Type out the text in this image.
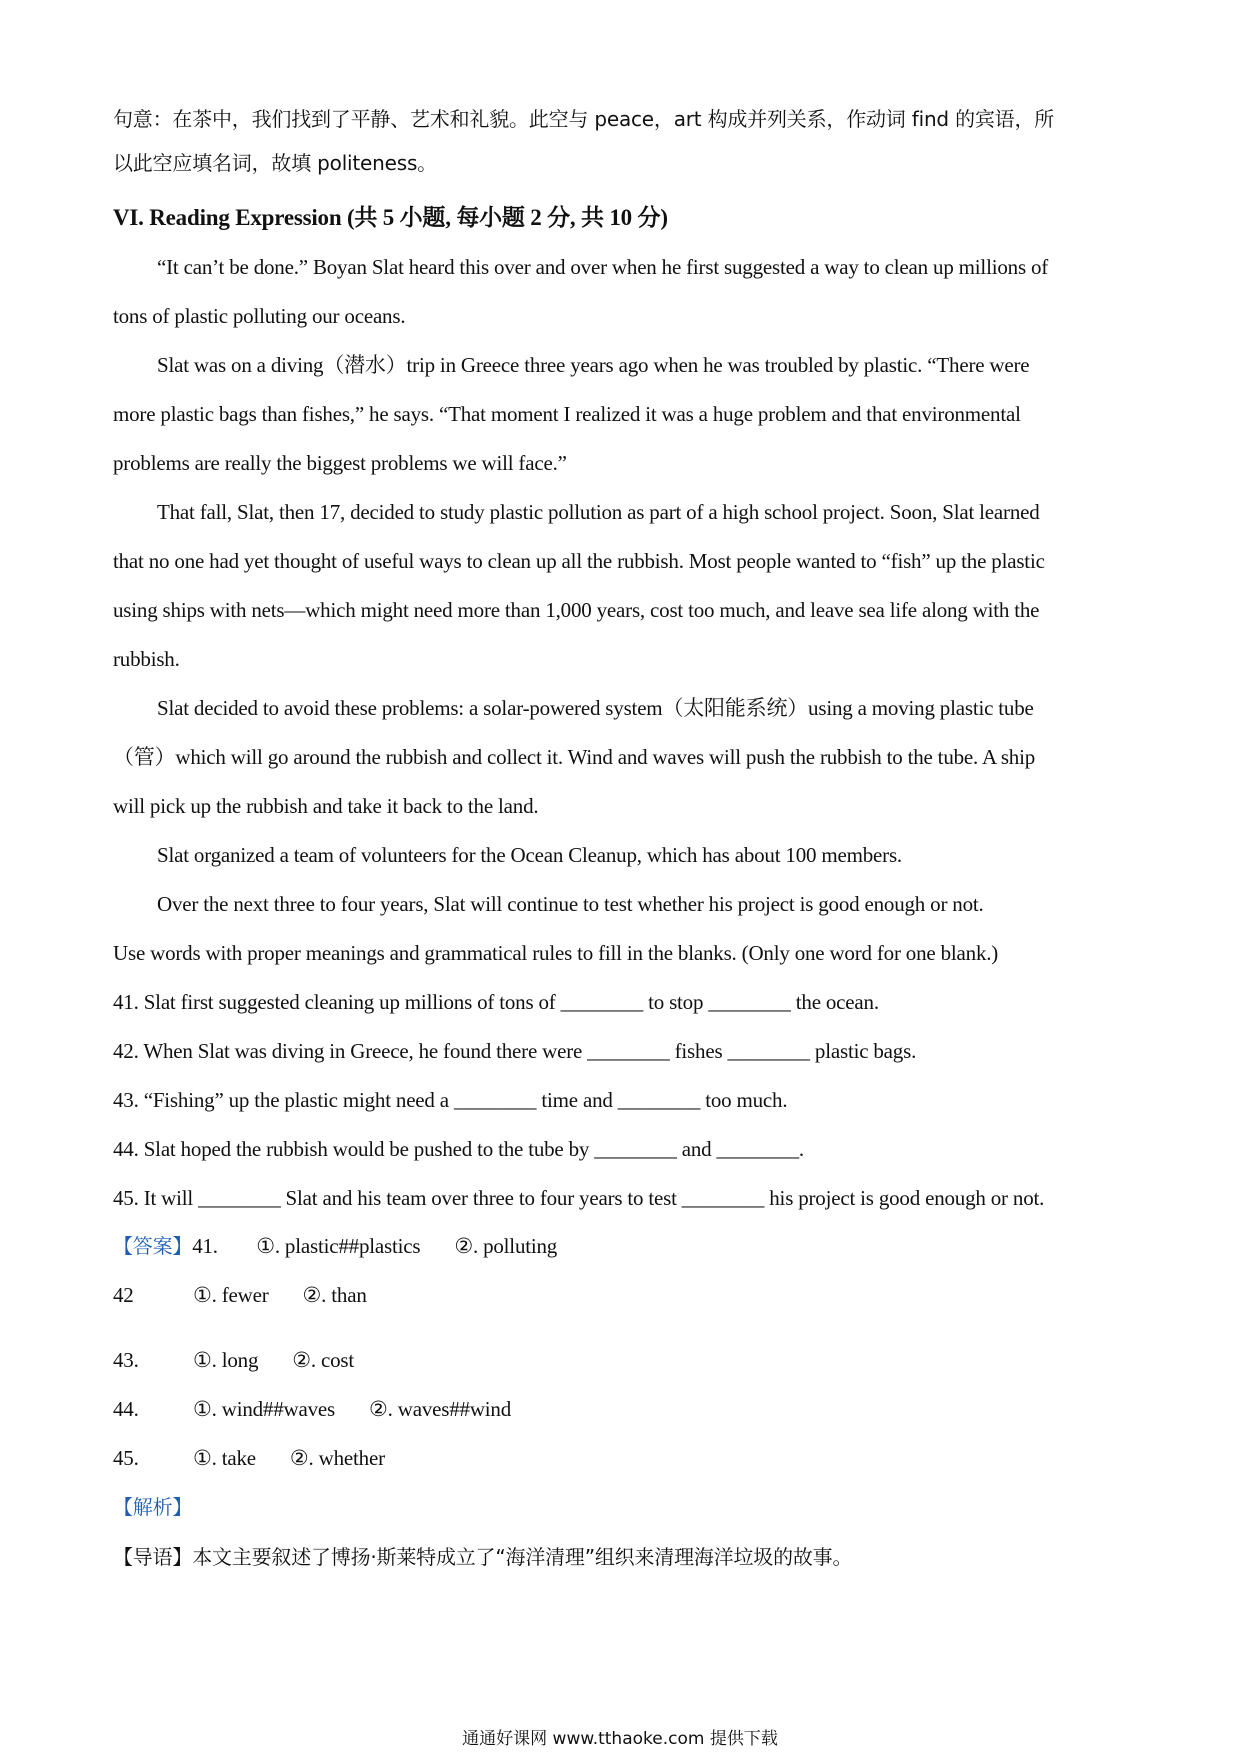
句意：在茶中，我们找到了平静、艺术和礼貌。此空与 peace，art 构成并列关系，作动词 find 的宾语，所
以此空应填名词，故填 politeness。
VI. Reading Expression (共 5 小题, 每小题 2 分, 共 10 分)
“It can’t be done.” Boyan Slat heard this over and over when he first suggested a way to clean up millions of
tons of plastic polluting our oceans.
Slat was on a diving（潜水）trip in Greece three years ago when he was troubled by plastic. “There were
more plastic bags than fishes,” he says. “That moment I realized it was a huge problem and that environmental
problems are really the biggest problems we will face.”
That fall, Slat, then 17, decided to study plastic pollution as part of a high school project. Soon, Slat learned
that no one had yet thought of useful ways to clean up all the rubbish. Most people wanted to “fish” up the plastic
using ships with nets—which might need more than 1,000 years, cost too much, and leave sea life along with the
rubbish.
Slat decided to avoid these problems: a solar-powered system（太阳能系统）using a moving plastic tube
（管）which will go around the rubbish and collect it. Wind and waves will push the rubbish to the tube. A ship
will pick up the rubbish and take it back to the land.
Slat organized a team of volunteers for the Ocean Cleanup, which has about 100 members.
Over the next three to four years, Slat will continue to test whether his project is good enough or not.
Use words with proper meanings and grammatical rules to fill in the blanks. (Only one word for one blank.)
41. Slat first suggested cleaning up millions of tons of ________ to stop ________ the ocean.
42. When Slat was diving in Greece, he found there were ________ fishes ________ plastic bags.
43. “Fishing” up the plastic might need a ________ time and ________ too much.
44. Slat hoped the rubbish would be pushed to the tube by ________ and ________.
45. It will ________ Slat and his team over three to four years to test ________ his project is good enough or not.
【答案】41. ①. plastic##plastics ②. polluting
42	①. fewer ②. than
43.	①. long ②. cost
44.	①. wind##waves ②. waves##wind
45.	①. take ②. whether
【解析】
【导语】本文主要叙述了博扬·斯莱特成立了“海洋清理”组织来清理海洋垃圾的故事。
通通好课网 www.tthaoke.com 提供下载
